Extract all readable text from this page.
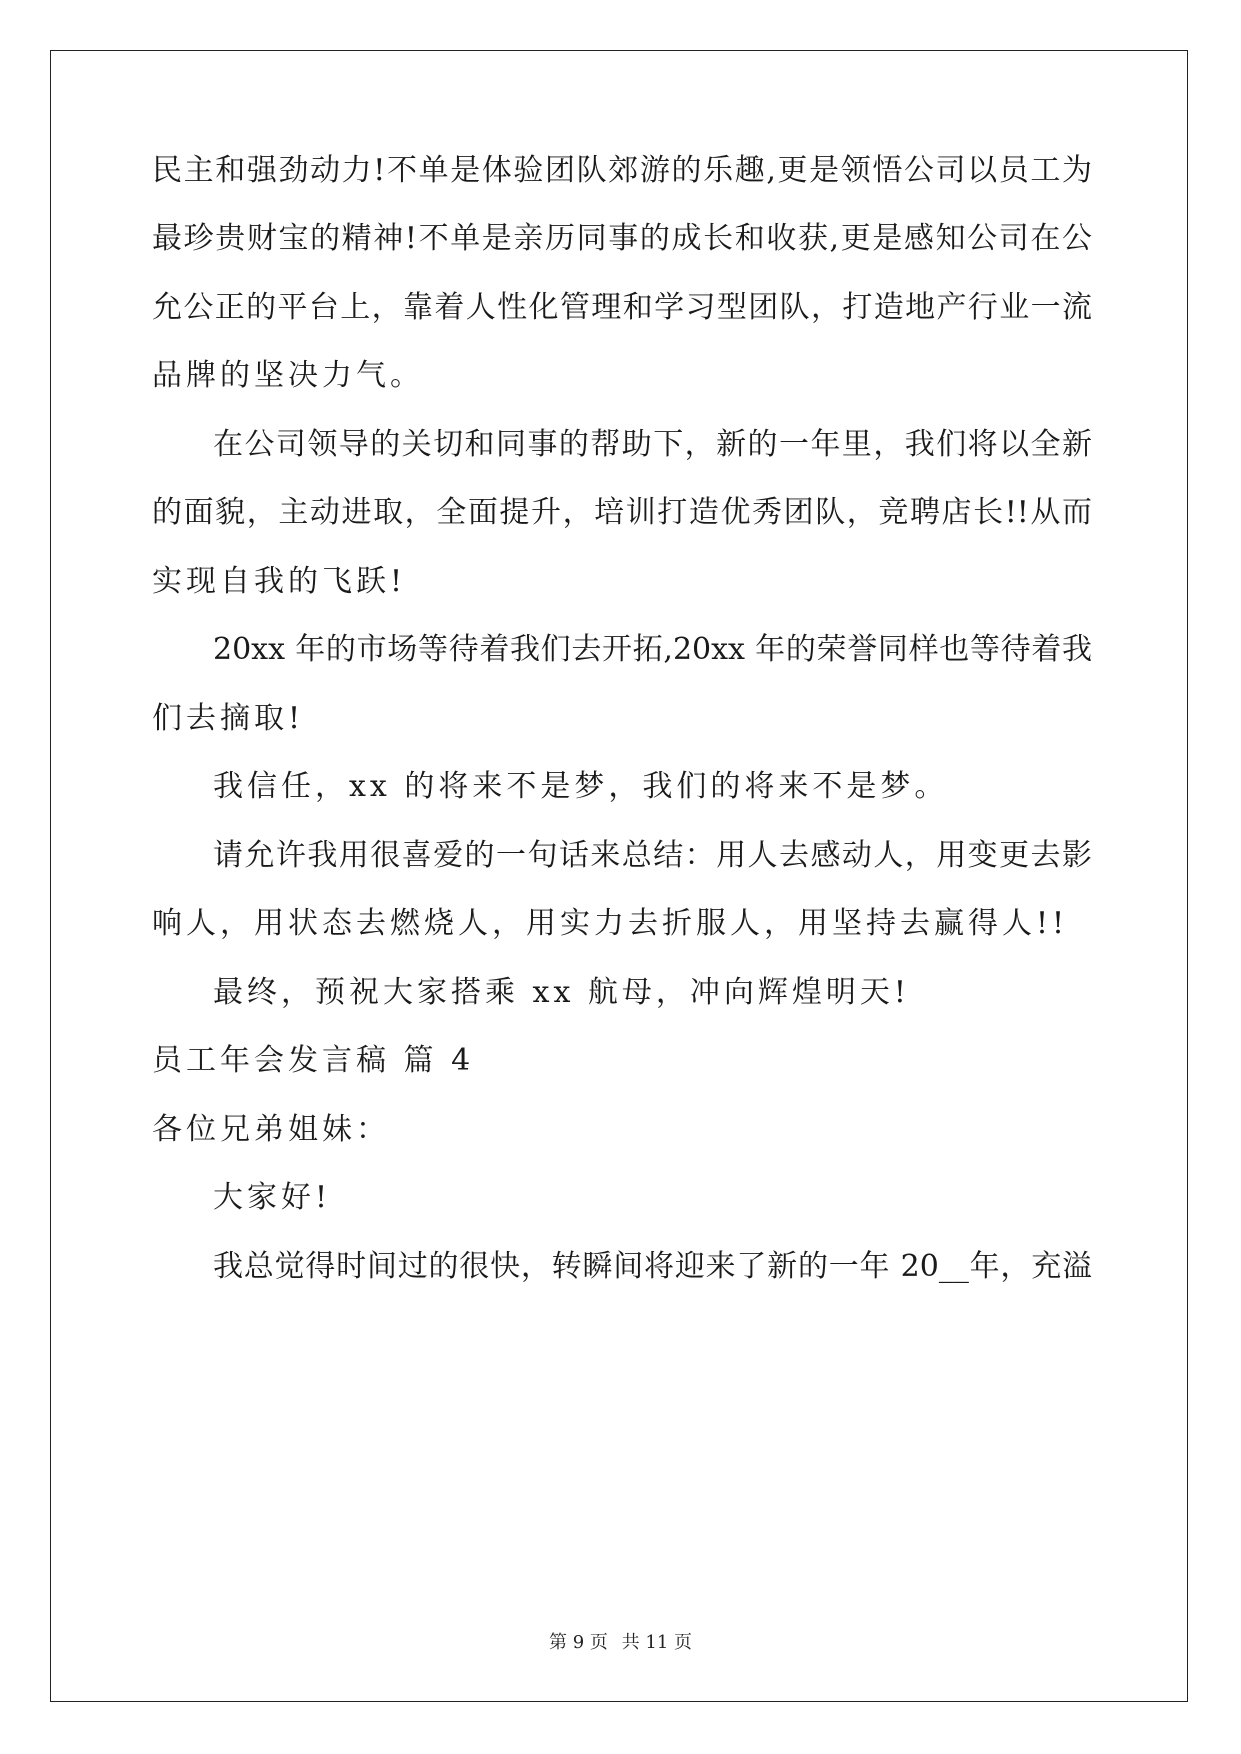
民主和强劲动力!不单是体验团队郊游的乐趣,更是领悟公司以员工为
最珍贵财宝的精神!不单是亲历同事的成长和收获,更是感知公司在公
允公正的平台上，靠着人性化管理和学习型团队，打造地产行业一流
品牌的坚决力气。
在公司领导的关切和同事的帮助下，新的一年里，我们将以全新
的面貌，主动进取，全面提升，培训打造优秀团队，竞聘店长!!从而
实现自我的飞跃!
20xx 年的市场等待着我们去开拓,20xx 年的荣誉同样也等待着我
们去摘取!
我信任，xx 的将来不是梦，我们的将来不是梦。
请允许我用很喜爱的一句话来总结：用人去感动人，用变更去影
响人，用状态去燃烧人，用实力去折服人，用坚持去赢得人!!
最终，预祝大家搭乘 xx 航母，冲向辉煌明天!
员工年会发言稿 篇 4
各位兄弟姐妹：
大家好!
我总觉得时间过的很快，转瞬间将迎来了新的一年 20__年，充溢
第 9 页 共 11 页
